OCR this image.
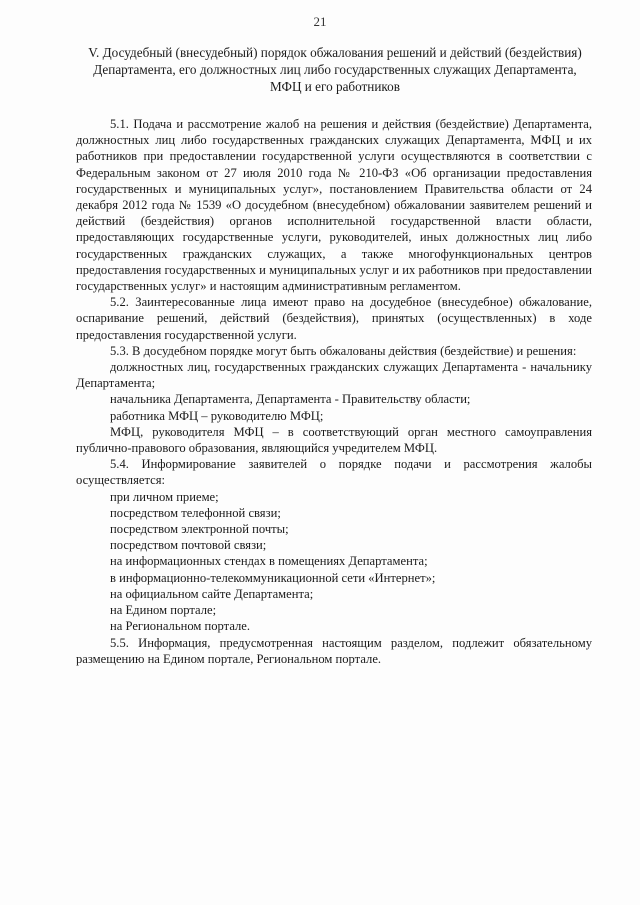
21
V. Досудебный (внесудебный) порядок обжалования решений и действий (бездействия) Департамента, его должностных лиц либо государственных служащих Департамента, МФЦ и его работников

5.1. Подача и рассмотрение жалоб на решения и действия (бездействие) Департамента, должностных лиц либо государственных гражданских служащих Департамента, МФЦ и их работников при предоставлении государственной услуги осуществляются в соответствии с Федеральным законом от 27 июля 2010 года № 210-ФЗ «Об организации предоставления государственных и муниципальных услуг», постановлением Правительства области от 24 декабря 2012 года № 1539 «О досудебном (внесудебном) обжаловании заявителем решений и действий (бездействия) органов исполнительной государственной власти области, предоставляющих государственные услуги, руководителей, иных должностных лиц либо государственных гражданских служащих, а также многофункциональных центров предоставления государственных и муниципальных услуг и их работников при предоставлении государственных услуг» и настоящим административным регламентом.

5.2. Заинтересованные лица имеют право на досудебное (внесудебное) обжалование, оспаривание решений, действий (бездействия), принятых (осуществленных) в ходе предоставления государственной услуги.

5.3. В досудебном порядке могут быть обжалованы действия (бездействие) и решения:

должностных лиц, государственных гражданских служащих Департамента - начальнику Департамента;

начальника Департамента, Департамента - Правительству области;

работника МФЦ – руководителю МФЦ;

МФЦ, руководителя МФЦ – в соответствующий орган местного самоуправления публично-правового образования, являющийся учредителем МФЦ.

5.4. Информирование заявителей о порядке подачи и рассмотрения жалобы осуществляется:

при личном приеме;

посредством телефонной связи;

посредством электронной почты;

посредством почтовой связи;

на информационных стендах в помещениях Департамента;

в информационно-телекоммуникационной сети «Интернет»;

на официальном сайте Департамента;

на Едином портале;

на Региональном портале.

5.5. Информация, предусмотренная настоящим разделом, подлежит обязательному размещению на Едином портале, Региональном портале.
